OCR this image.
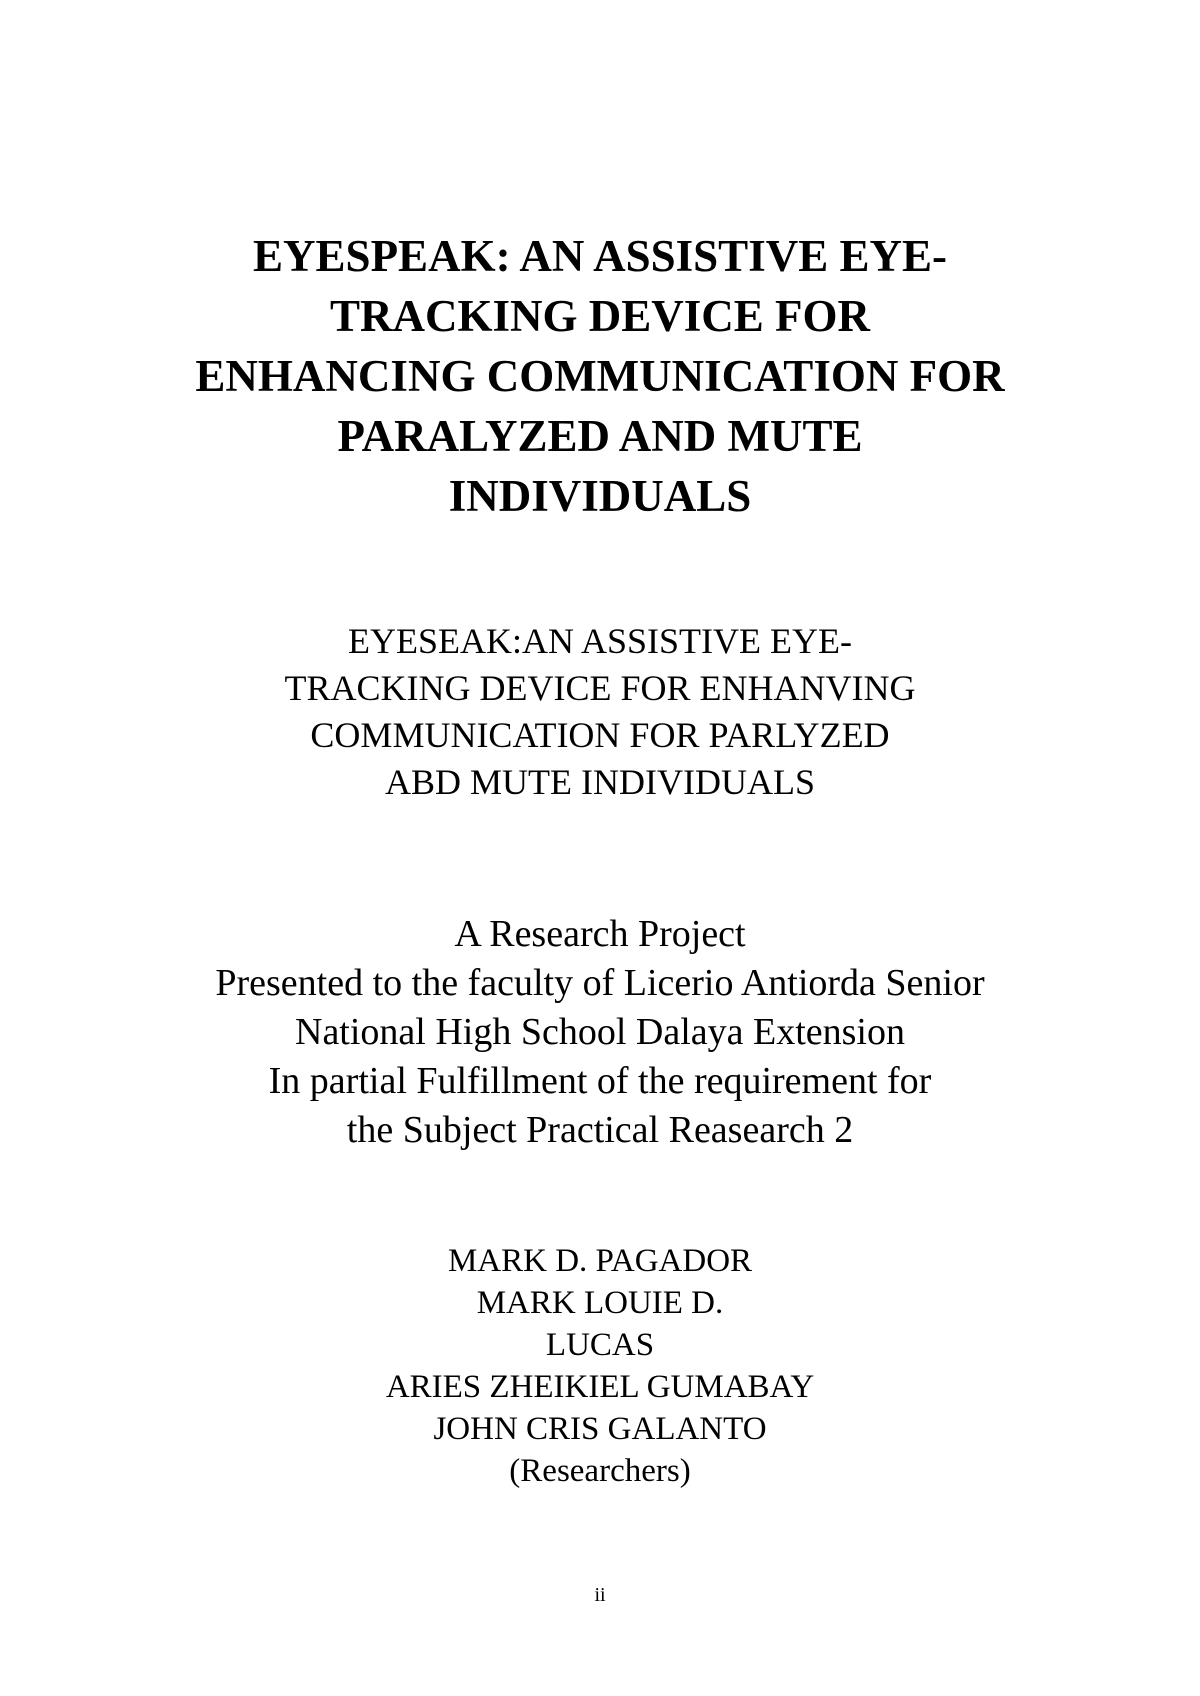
EYESPEAK: AN ASSISTIVE EYE-
TRACKING DEVICE FOR
ENHANCING COMMUNICATION FOR
PARALYZED AND MUTE
INDIVIDUALS
EYESEAK:AN ASSISTIVE EYE-
TRACKING DEVICE FOR ENHANVING
COMMUNICATION FOR PARLYZED
ABD MUTE INDIVIDUALS
A Research Project
Presented to the faculty of Licerio Antiorda Senior
National High School Dalaya Extension
In partial Fulfillment of the requirement for
the Subject Practical Reasearch 2
MARK D. PAGADOR
MARK LOUIE D.
LUCAS
ARIES ZHEIKIEL GUMABAY
JOHN CRIS GALANTO
(Researchers)
ii
